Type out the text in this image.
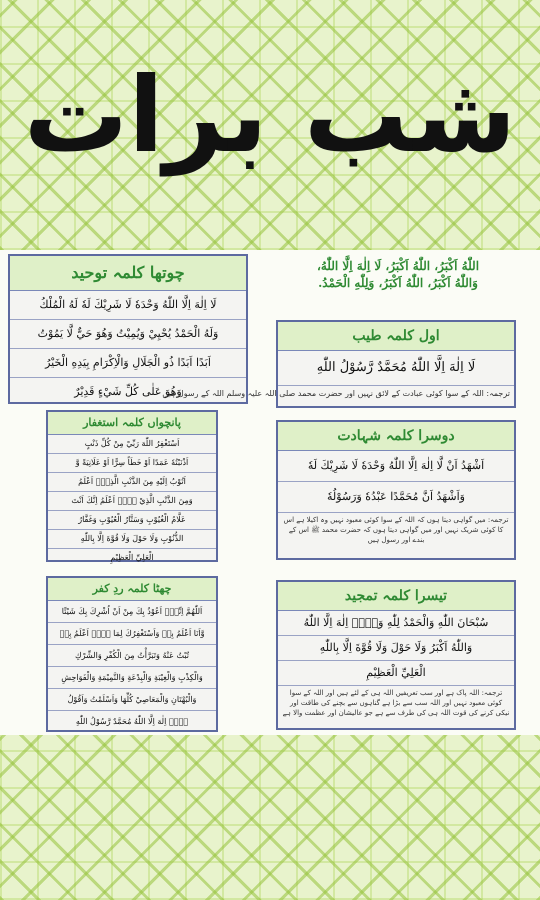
شب برات
اللّٰهُ اَكْبَرُ، اللّٰهُ اَكْبَرُ، لَا اِلٰهَ اِلَّا اللّٰهُ،
وَاللّٰهُ اَكْبَرُ، اللّٰهُ اَكْبَرُ، وَلِلّٰهِ الْحَمْدُ.
چوتھا کلمہ توحید
لَا اِلٰهَ اِلَّا اللّٰهُ وَحْدَهٗ لَا شَرِيْكَ لَهٗ لَهُ الْمُلْكُ
وَلَهُ الْحَمْدُ يُحْيِيْ وَيُمِيْتُ وَهُوَ حَيٌّ لَّا يَمُوْتُ
اَبَدًا اَبَدًا ذُو الْجَلَالِ وَالْاِكْرَامِ بِيَدِهِ الْخَيْرُ
وَهُوَ عَلٰى كُلِّ شَيْءٍ قَدِيْرٌ
اول کلمہ طیب
لَا اِلٰهَ اِلَّا اللّٰهُ مُحَمَّدٌ رَّسُوْلُ اللّٰهِ
ترجمہ: اللہ کے سوا کوئی عبادت کے لائق نہیں اور حضرت محمد صلی اللہ علیہ وسلم اللہ کے رسول ہیں
پانچواں کلمہ استغفار
اَسْتَغْفِرُ اللّٰهَ رَبِّيْ مِنْ كُلِّ ذَنْبٍ
اَذْنَبْتُهٗ عَمَدًا اَوْ خَطَاً سِرًّا اَوْ عَلَانِيَةً وَّ
اَتُوْبُ اِلَيْهِ مِنَ الذَّنْبِ الَّذِيْۤ اَعْلَمُ
وَمِنَ الذَّنْبِ الَّذِيْ لَاۤ اَعْلَمُ اِنَّكَ اَنْتَ
عَلَّامُ الْغُيُوْبِ وَسَتَّارُ الْعُيُوْبِ وَغَفَّارُ
الذُّنُوْبِ وَلَا حَوْلَ وَلَا قُوَّةَ اِلَّا بِاللّٰهِ
الْعَلِيِّ الْعَظِيْمِ
دوسرا کلمہ شہادت
اَشْهَدُ اَنْ لَّا اِلٰهَ اِلَّا اللّٰهُ وَحْدَهٗ لَا شَرِيْكَ لَهٗ
وَاَشْهَدُ اَنَّ مُحَمَّدًا عَبْدُهٗ وَرَسُوْلُهٗ
ترجمہ: میں گواہی دیتا ہوں کہ اللہ کے سوا کوئی معبود نہیں وہ اکیلا ہے اس کا کوئی شریک نہیں اور میں گواہی دیتا ہوں کہ حضرت محمد ﷺ اس کے بندے اور رسول ہیں
چھٹا کلمہ ردِ کفر
اَللّٰهُمَّ اِنِّيْۤ اَعُوْذُ بِكَ مِنْ اَنْ اُشْرِكَ بِكَ شَيْئًا
وَّاَنَا اَعْلَمُ بِهٖ وَاَسْتَغْفِرُكَ لِمَا لَاۤ اَعْلَمُ بِهٖ
تُبْتُ عَنْهُ وَتَبَرَّأْتُ مِنَ الْكُفْرِ وَالشِّرْكِ
وَالْكِذْبِ وَالْغِيْبَةِ وَالْبِدْعَةِ وَالنَّمِيْمَةِ وَالْفَوَاحِشِ
وَالْبُهْتَانِ وَالْمَعَاصِيْ كُلِّهَا وَاَسْلَمْتُ وَاَقُوْلُ
لَاۤ اِلٰهَ اِلَّا اللّٰهُ مُحَمَّدٌ رَّسُوْلُ اللّٰهِ
تیسرا کلمہ تمجید
سُبْحَانَ اللّٰهِ وَالْحَمْدُ لِلّٰهِ وَلَاۤ اِلٰهَ اِلَّا اللّٰهُ
وَاللّٰهُ اَكْبَرُ وَلَا حَوْلَ وَلَا قُوَّةَ اِلَّا بِاللّٰهِ
الْعَلِيِّ الْعَظِيْمِ
ترجمہ: اللہ پاک ہے اور سب تعریفیں اللہ ہی کے لئے ہیں اور اللہ کے سوا کوئی معبود نہیں اور اللہ سب سے بڑا ہے گناہوں سے بچنے کی طاقت اور نیکی کرنے کی قوت اللہ ہی کی طرف سے ہے جو عالیشان اور عظمت والا ہے
